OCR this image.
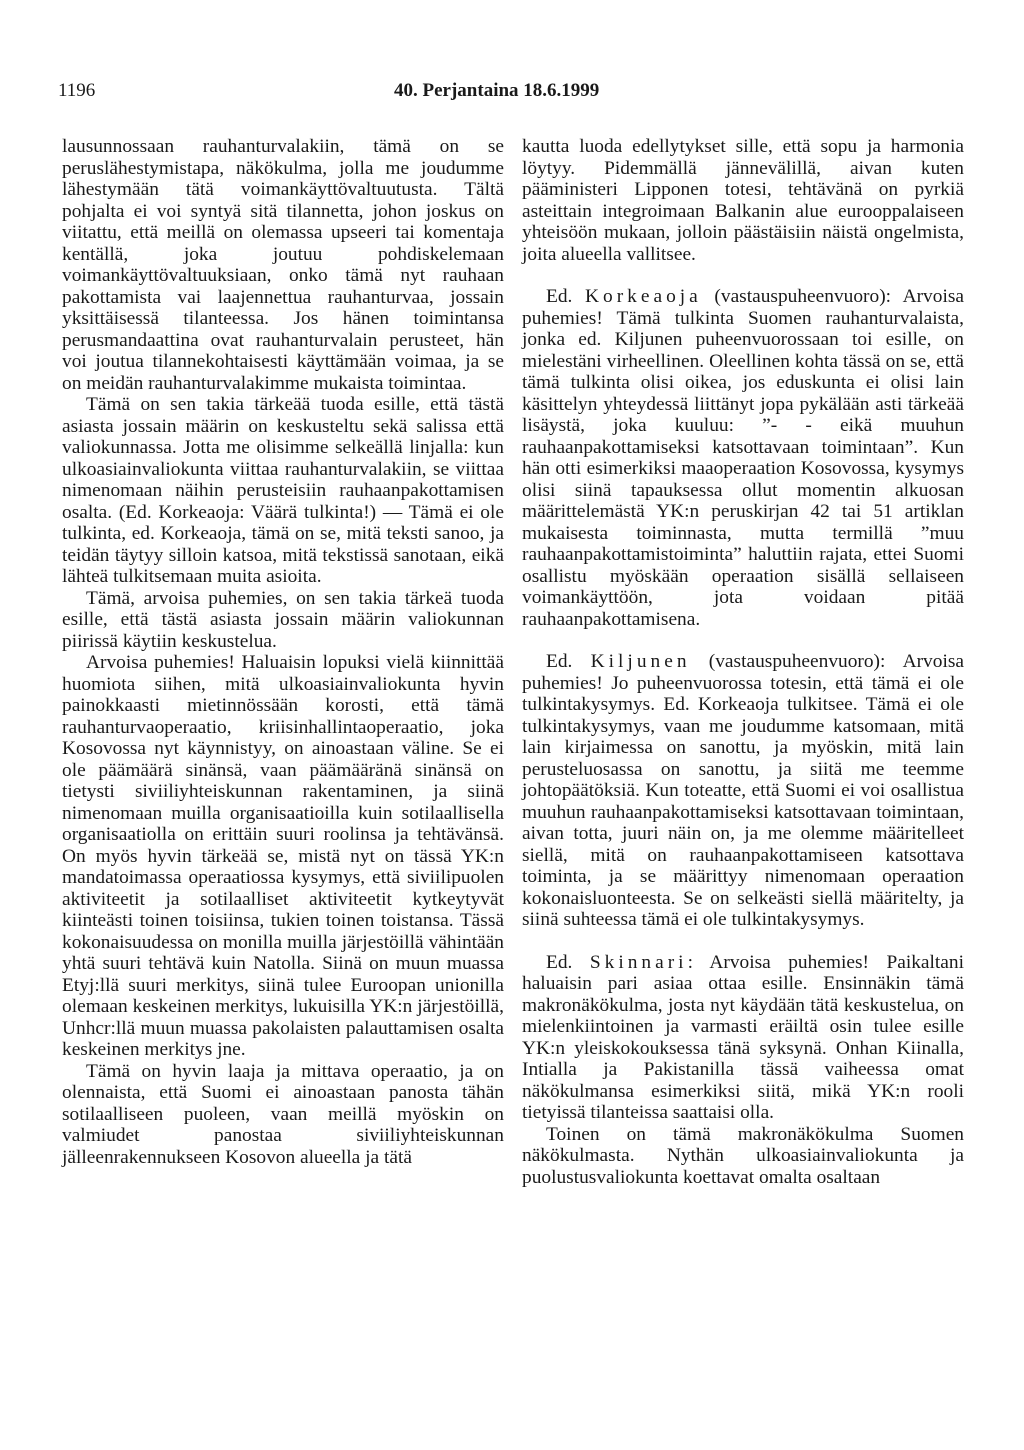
1196	40. Perjantaina 18.6.1999

lausunnossaan rauhanturvalakiin, tämä on se peruslähestymistapa, näkökulma, jolla me joudumme lähestymään tätä voimankäyttövaltuutusta. Tältä pohjalta ei voi syntyä sitä tilannetta, johon joskus on viitattu, että meillä on olemassa upseeri tai komentaja kentällä, joka joutuu pohdiskelemaan voimankäyttövaltuuksiaan, onko tämä nyt rauhaan pakottamista vai laajennettua rauhanturvaa, jossain yksittäisessä tilanteessa. Jos hänen toimintansa perusmandaattina ovat rauhanturvalain perusteet, hän voi joutua tilannekohtaisesti käyttämään voimaa, ja se on meidän rauhanturvalakimme mukaista toimintaa.

Tämä on sen takia tärkeää tuoda esille, että tästä asiasta jossain määrin on keskusteltu sekä salissa että valiokunnassa. Jotta me olisimme selkeällä linjalla: kun ulkoasiainvaliokunta viittaa rauhanturvalakiin, se viittaa nimenomaan näihin perusteisiin rauhaanpakottamisen osalta. (Ed. Korkeaoja: Väärä tulkinta!) — Tämä ei ole tulkinta, ed. Korkeaoja, tämä on se, mitä teksti sanoo, ja teidän täytyy silloin katsoa, mitä tekstissä sanotaan, eikä lähteä tulkitsemaan muita asioita.

Tämä, arvoisa puhemies, on sen takia tärkeä tuoda esille, että tästä asiasta jossain määrin valiokunnan piirissä käytiin keskustelua.

Arvoisa puhemies! Haluaisin lopuksi vielä kiinnittää huomiota siihen, mitä ulkoasiainvaliokunta hyvin painokkaasti mietinnössään korosti, että tämä rauhanturvaoperaatio, kriisinhallintaoperaatio, joka Kosovossa nyt käynnistyy, on ainoastaan väline. Se ei ole päämäärä sinänsä, vaan päämääränä sinänsä on tietysti siviiliyhteiskunnan rakentaminen, ja siinä nimenomaan muilla organisaatioilla kuin sotilaallisella organisaatiolla on erittäin suuri roolinsa ja tehtävänsä. On myös hyvin tärkeää se, mistä nyt on tässä YK:n mandatoimassa operaatiossa kysymys, että siviilipuolen aktiviteetit ja sotilaalliset aktiviteetit kytkeytyvät kiinteästi toinen toisiinsa, tukien toinen toistansa. Tässä kokonaisuudessa on monilla muilla järjestöillä vähintään yhtä suuri tehtävä kuin Natolla. Siinä on muun muassa Etyj:llä suuri merkitys, siinä tulee Euroopan unionilla olemaan keskeinen merkitys, lukuisilla YK:n järjestöillä, Unhcr:llä muun muassa pakolaisten palauttamisen osalta keskeinen merkitys jne.

Tämä on hyvin laaja ja mittava operaatio, ja on olennaista, että Suomi ei ainoastaan panosta tähän sotilaalliseen puoleen, vaan meillä myöskin on valmiudet panostaa siviiliyhteiskunnan jälleenrakennukseen Kosovon alueella ja tätä

kautta luoda edellytykset sille, että sopu ja harmonia löytyy. Pidemmällä jännevälillä, aivan kuten pääministeri Lipponen totesi, tehtävänä on pyrkiä asteittain integroimaan Balkanin alue eurooppalaiseen yhteisöön mukaan, jolloin päästäisiin näistä ongelmista, joita alueella vallitsee.

Ed. Korkeaoja (vastauspuheenvuoro): Arvoisa puhemies! Tämä tulkinta Suomen rauhanturvalaista, jonka ed. Kiljunen puheenvuorossaan toi esille, on mielestäni virheellinen. Oleellinen kohta tässä on se, että tämä tulkinta olisi oikea, jos eduskunta ei olisi lain käsittelyn yhteydessä liittänyt jopa pykälään asti tärkeää lisäystä, joka kuuluu: ”- - eikä muuhun rauhaanpakottamiseksi katsottavaan toimintaan”. Kun hän otti esimerkiksi maaoperaation Kosovossa, kysymys olisi siinä tapauksessa ollut momentin alkuosan määrittelemästä YK:n peruskirjan 42 tai 51 artiklan mukaisesta toiminnasta, mutta termillä ”muu rauhaanpakottamistoiminta” haluttiin rajata, ettei Suomi osallistu myöskään operaation sisällä sellaiseen voimankäyttöön, jota voidaan pitää rauhaanpakottamisena.

Ed. Kiljunen (vastauspuheenvuoro): Arvoisa puhemies! Jo puheenvuorossa totesin, että tämä ei ole tulkintakysymys. Ed. Korkeaoja tulkitsee. Tämä ei ole tulkintakysymys, vaan me joudumme katsomaan, mitä lain kirjaimessa on sanottu, ja myöskin, mitä lain perusteluosassa on sanottu, ja siitä me teemme johtopäätöksiä. Kun toteatte, että Suomi ei voi osallistua muuhun rauhaanpakottamiseksi katsottavaan toimintaan, aivan totta, juuri näin on, ja me olemme määritelleet siellä, mitä on rauhaanpakottamiseen katsottava toiminta, ja se määrittyy nimenomaan operaation kokonaisluonteesta. Se on selkeästi siellä määritelty, ja siinä suhteessa tämä ei ole tulkintakysymys.

Ed. Skinnari: Arvoisa puhemies! Paikaltani haluaisin pari asiaa ottaa esille. Ensinnäkin tämä makronäkökulma, josta nyt käydään tätä keskustelua, on mielenkiintoinen ja varmasti eräiltä osin tulee esille YK:n yleiskokouksessa tänä syksynä. Onhan Kiinalla, Intialla ja Pakistanilla tässä vaiheessa omat näkökulmansa esimerkiksi siitä, mikä YK:n rooli tietyissä tilanteissa saattaisi olla.

Toinen on tämä makronäkökulma Suomen näkökulmasta. Nythän ulkoasiainvaliokunta ja puolustusvaliokunta koettavat omalta osaltaan
